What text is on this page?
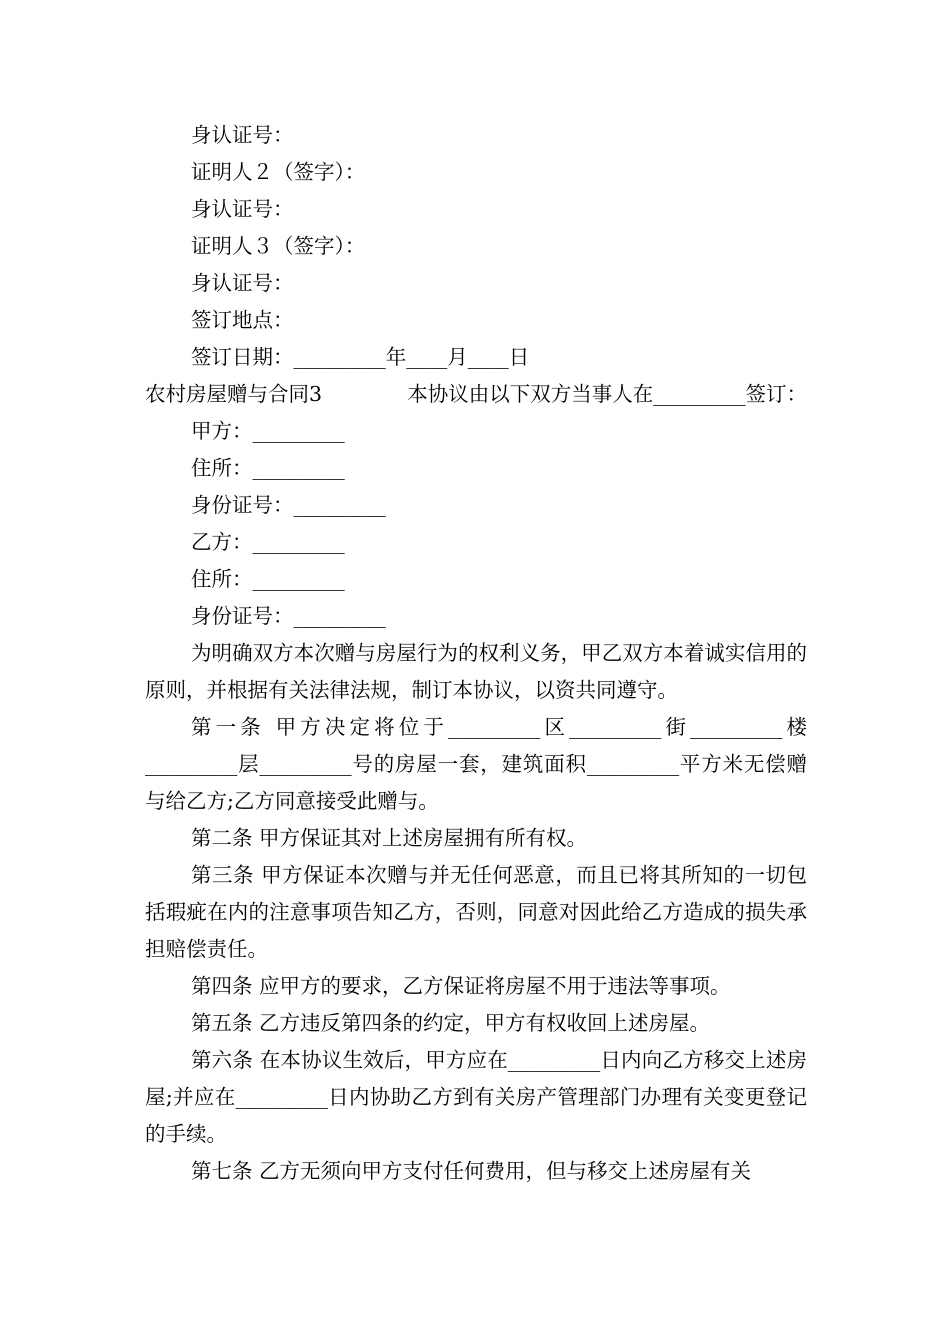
身认证号：
证明人２（签字）：
身认证号：
证明人３（签字）：
身认证号：
签订地点：
签订日期：_________年____月____日
农村房屋赠与合同3	本协议由以下双方当事人在_________签订：
甲方：_________
住所：_________
身份证号：_________
乙方：_________
住所：_________
身份证号：_________
为明确双方本次赠与房屋行为的权利义务，甲乙双方本着诚实信用的原则，并根据有关法律法规，制订本协议，以资共同遵守。
第一条 甲方决定将位于_________区_________街_________楼_________层_________号的房屋一套，建筑面积_________平方米无偿赠与给乙方;乙方同意接受此赠与。
第二条 甲方保证其对上述房屋拥有所有权。
第三条 甲方保证本次赠与并无任何恶意，而且已将其所知的一切包括瑕疵在内的注意事项告知乙方，否则，同意对因此给乙方造成的损失承担赔偿责任。
第四条 应甲方的要求，乙方保证将房屋不用于违法等事项。
第五条 乙方违反第四条的约定，甲方有权收回上述房屋。
第六条 在本协议生效后，甲方应在_________日内向乙方移交上述房屋;并应在_________日内协助乙方到有关房产管理部门办理有关变更登记的手续。
第七条 乙方无须向甲方支付任何费用，但与移交上述房屋有关
